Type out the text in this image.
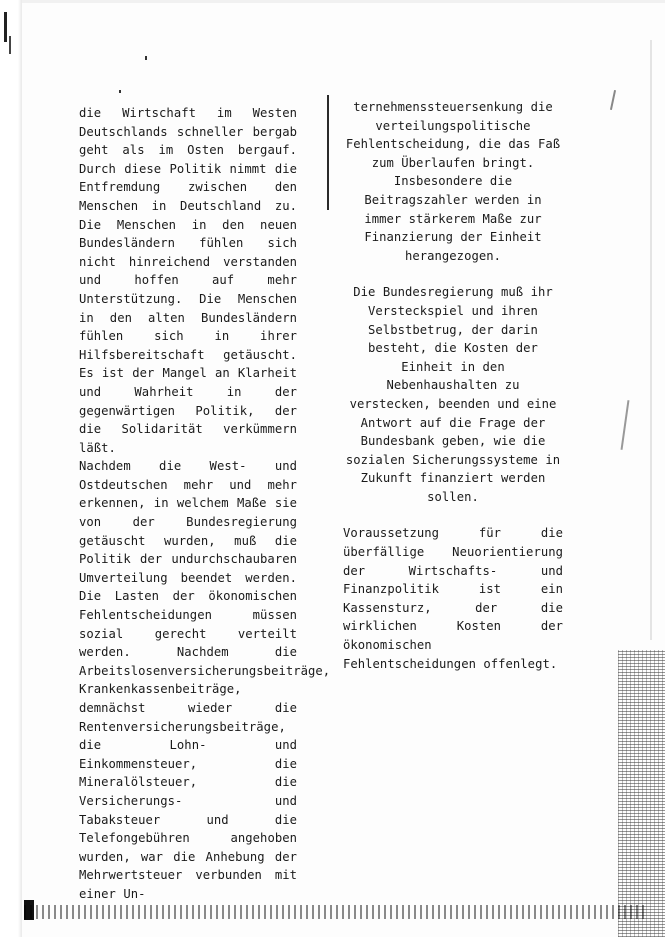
die Wirtschaft im Westen Deutschlands schneller bergab geht als im Osten bergauf. Durch diese Politik nimmt die Entfremdung zwischen den Menschen in Deutschland zu. Die Menschen in den neuen Bundesländern fühlen sich nicht hinreichend verstanden und hoffen auf mehr Unterstützung. Die Menschen in den alten Bundesländern fühlen sich in ihrer Hilfsbereitschaft getäuscht. Es ist der Mangel an Klarheit und Wahrheit in der gegenwärtigen Politik, der die Solidarität verkümmern läßt.

Nachdem die West- und Ostdeutschen mehr und mehr erkennen, in welchem Maße sie von der Bundesregierung getäuscht wurden, muß die Politik der undurchschaubaren Umverteilung beendet werden. Die Lasten der ökonomischen Fehlentscheidungen müssen sozial gerecht verteilt werden. Nachdem die Arbeitslosenversicherungsbeiträge, Krankenkassenbeiträge, demnächst wieder die Rentenversicherungsbeiträge, die Lohn- und Einkommensteuer, die Mineralölsteuer, die Versicherungs- und Tabaksteuer und die Telefongebühren angehoben wurden, war die Anhebung der Mehrwertsteuer verbunden mit einer Un-

ternehmenssteuersenkung die verteilungspolitische Fehlentscheidung, die das Faß zum Überlaufen bringt. Insbesondere die Beitragszahler werden in immer stärkerem Maße zur Finanzierung der Einheit herangezogen.

Die Bundesregierung muß ihr Versteckspiel und ihren Selbstbetrug, der darin besteht, die Kosten der Einheit in den Nebenhaushalten zu verstecken, beenden und eine Antwort auf die Frage der Bundesbank geben, wie die sozialen Sicherungssysteme in Zukunft finanziert werden sollen.

Voraussetzung für die überfällige Neuorientierung der Wirtschafts- und Finanzpolitik ist ein Kassensturz, der die wirklichen Kosten der ökonomischen Fehlentscheidungen offenlegt.
